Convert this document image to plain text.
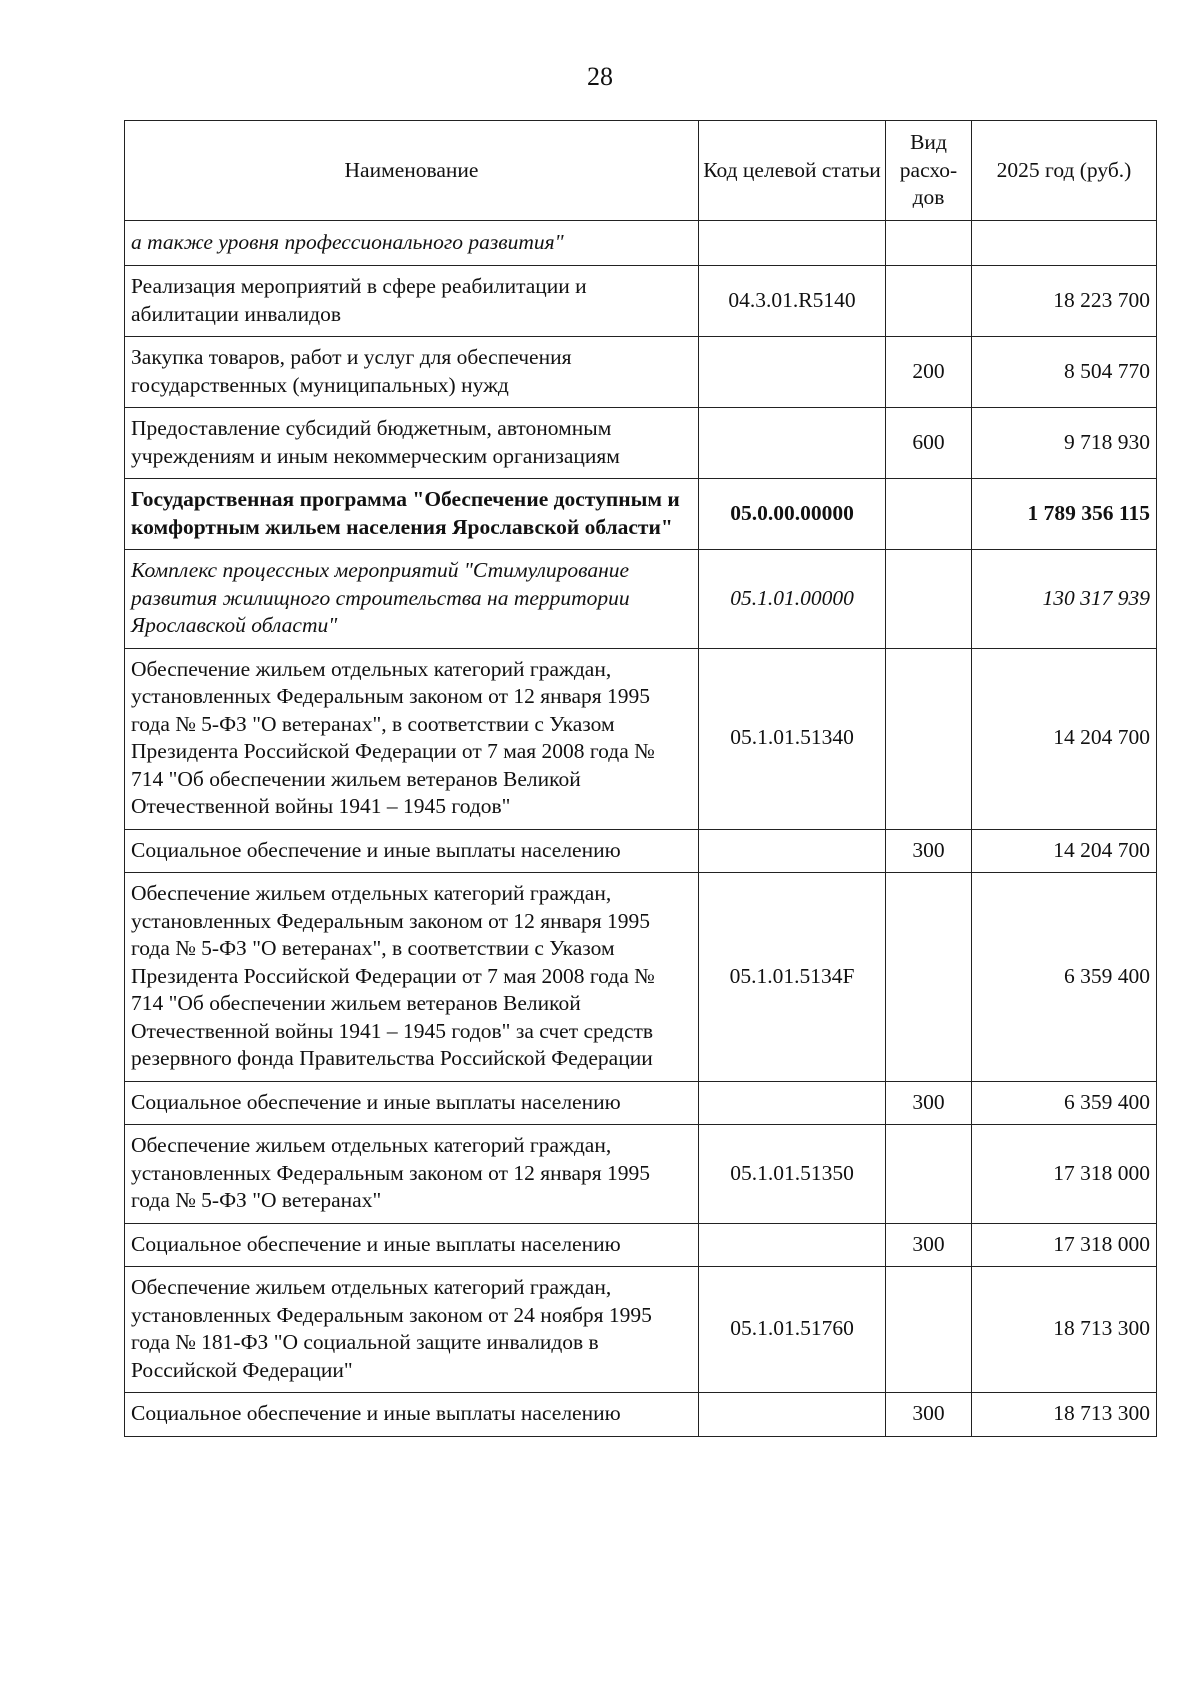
28
Наименование	Код целевой статьи	Вид расхо-дов	2025 год (руб.)
а также уровня профессионального развития"			
Реализация мероприятий в сфере реабилитации и абилитации инвалидов	04.3.01.R5140		18 223 700
Закупка товаров, работ и услуг для обеспечения государственных (муниципальных) нужд		200	8 504 770
Предоставление субсидий бюджетным, автономным учреждениям и иным некоммерческим организациям		600	9 718 930
Государственная программа "Обеспечение доступным и комфортным жильем населения Ярославской области"	05.0.00.00000		1 789 356 115
Комплекс процессных мероприятий "Стимулирование развития жилищного строительства на территории Ярославской области"	05.1.01.00000		130 317 939
Обеспечение жильем отдельных категорий граждан, установленных Федеральным законом от 12 января 1995 года № 5-ФЗ "О ветеранах", в соответствии с Указом Президента Российской Федерации от 7 мая 2008 года № 714 "Об обеспечении жильем ветеранов Великой Отечественной войны 1941 – 1945 годов"	05.1.01.51340		14 204 700
Социальное обеспечение и иные выплаты населению		300	14 204 700
Обеспечение жильем отдельных категорий граждан, установленных Федеральным законом от 12 января 1995 года № 5-ФЗ "О ветеранах", в соответствии с Указом Президента Российской Федерации от 7 мая 2008 года № 714 "Об обеспечении жильем ветеранов Великой Отечественной войны 1941 – 1945 годов" за счет средств резервного фонда Правительства Российской Федерации	05.1.01.5134F		6 359 400
Социальное обеспечение и иные выплаты населению		300	6 359 400
Обеспечение жильем отдельных категорий граждан, установленных Федеральным законом от 12 января 1995 года № 5-ФЗ "О ветеранах"	05.1.01.51350		17 318 000
Социальное обеспечение и иные выплаты населению		300	17 318 000
Обеспечение жильем отдельных категорий граждан, установленных Федеральным законом от 24 ноября 1995 года № 181-ФЗ "О социальной защите инвалидов в Российской Федерации"	05.1.01.51760		18 713 300
Социальное обеспечение и иные выплаты населению		300	18 713 300
